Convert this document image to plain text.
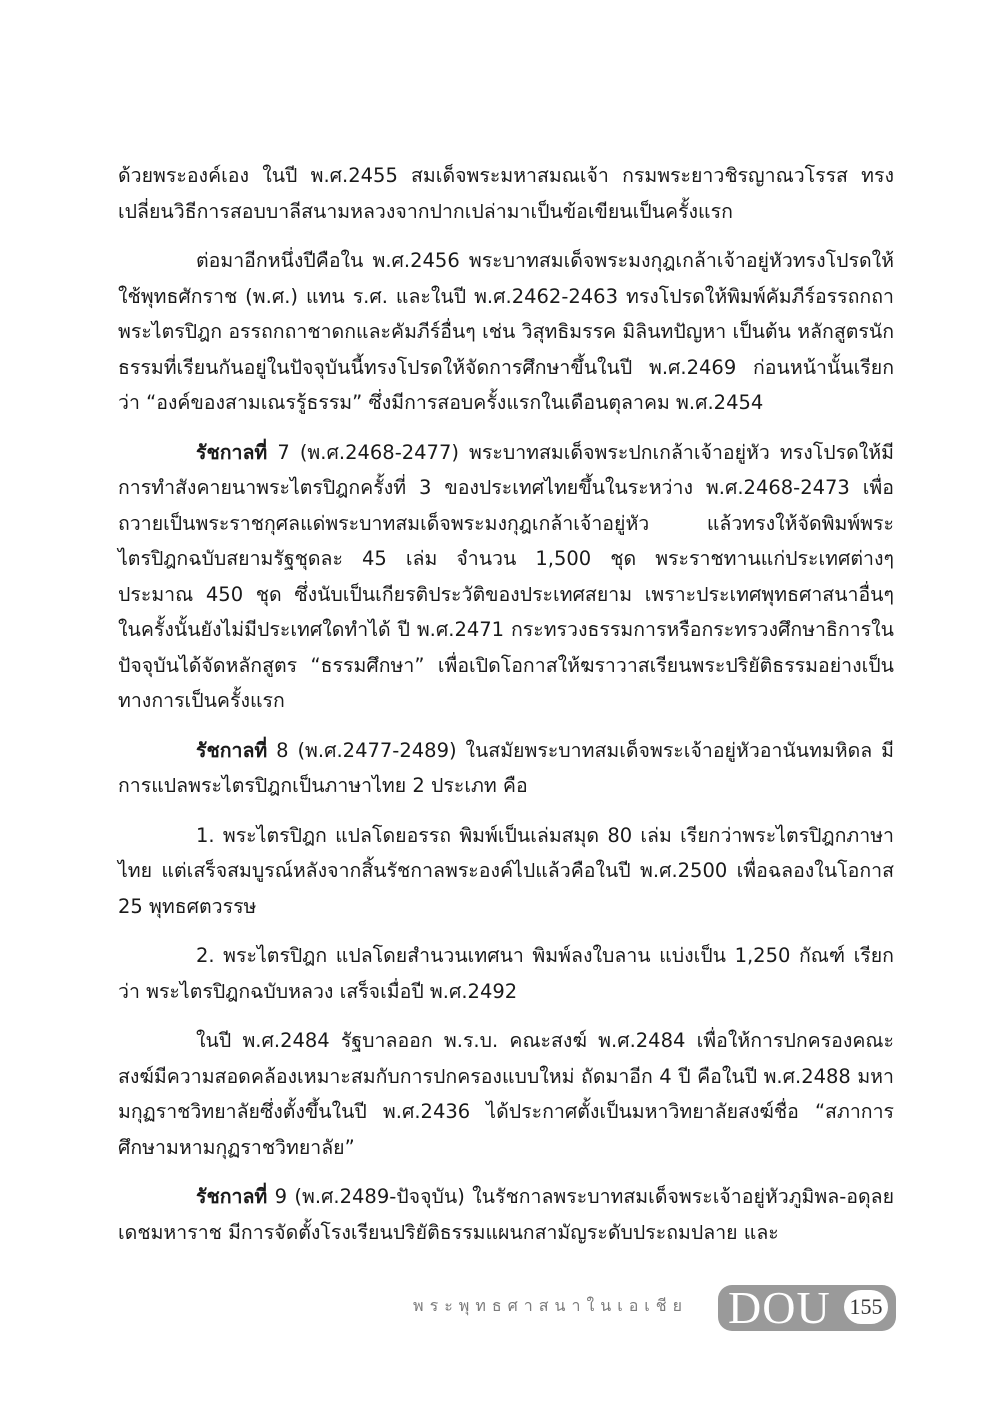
ด้วยพระองค์เอง ในปี พ.ศ.2455 สมเด็จพระมหาสมณเจ้า กรมพระยาวชิรญาณวโรรส ทรงเปลี่ยนวิธีการสอบบาลีสนามหลวงจากปากเปล่ามาเป็นข้อเขียนเป็นครั้งแรก

ต่อมาอีกหนึ่งปีคือใน พ.ศ.2456 พระบาทสมเด็จพระมงกุฎเกล้าเจ้าอยู่หัวทรงโปรดให้ใช้พุทธศักราช (พ.ศ.) แทน ร.ศ. และในปี พ.ศ.2462-2463 ทรงโปรดให้พิมพ์คัมภีร์อรรถกถาพระไตรปิฎก อรรถกถาชาดกและคัมภีร์อื่นๆ เช่น วิสุทธิมรรค มิลินทปัญหา เป็นต้น หลักสูตรนักธรรมที่เรียนกันอยู่ในปัจจุบันนี้ทรงโปรดให้จัดการศึกษาขึ้นในปี พ.ศ.2469 ก่อนหน้านั้นเรียกว่า “องค์ของสามเณรรู้ธรรม” ซึ่งมีการสอบครั้งแรกในเดือนตุลาคม พ.ศ.2454

รัชกาลที่ 7 (พ.ศ.2468-2477) พระบาทสมเด็จพระปกเกล้าเจ้าอยู่หัว ทรงโปรดให้มีการทำสังคายนาพระไตรปิฎกครั้งที่ 3 ของประเทศไทยขึ้นในระหว่าง พ.ศ.2468-2473 เพื่อถวายเป็นพระราชกุศลแด่พระบาทสมเด็จพระมงกุฎเกล้าเจ้าอยู่หัว แล้วทรงให้จัดพิมพ์พระไตรปิฎกฉบับสยามรัฐชุดละ 45 เล่ม จำนวน 1,500 ชุด พระราชทานแก่ประเทศต่างๆ ประมาณ 450 ชุด ซึ่งนับเป็นเกียรติประวัติของประเทศสยาม เพราะประเทศพุทธศาสนาอื่นๆ ในครั้งนั้นยังไม่มีประเทศใดทำได้ ปี พ.ศ.2471 กระทรวงธรรมการหรือกระทรวงศึกษาธิการในปัจจุบันได้จัดหลักสูตร “ธรรมศึกษา” เพื่อเปิดโอกาสให้ฆราวาสเรียนพระปริยัติธรรมอย่างเป็นทางการเป็นครั้งแรก

รัชกาลที่ 8 (พ.ศ.2477-2489) ในสมัยพระบาทสมเด็จพระเจ้าอยู่หัวอานันทมหิดล มีการแปลพระไตรปิฎกเป็นภาษาไทย 2 ประเภท คือ

1. พระไตรปิฎก แปลโดยอรรถ พิมพ์เป็นเล่มสมุด 80 เล่ม เรียกว่าพระไตรปิฎกภาษาไทย แต่เสร็จสมบูรณ์หลังจากสิ้นรัชกาลพระองค์ไปแล้วคือในปี พ.ศ.2500 เพื่อฉลองในโอกาส 25 พุทธศตวรรษ

2. พระไตรปิฎก แปลโดยสำนวนเทศนา พิมพ์ลงใบลาน แบ่งเป็น 1,250 กัณฑ์ เรียกว่า พระไตรปิฎกฉบับหลวง เสร็จเมื่อปี พ.ศ.2492

ในปี พ.ศ.2484 รัฐบาลออก พ.ร.บ. คณะสงฆ์ พ.ศ.2484 เพื่อให้การปกครองคณะสงฆ์มีความสอดคล้องเหมาะสมกับการปกครองแบบใหม่ ถัดมาอีก 4 ปี คือในปี พ.ศ.2488 มหามกุฏราชวิทยาลัยซึ่งตั้งขึ้นในปี พ.ศ.2436 ได้ประกาศตั้งเป็นมหาวิทยาลัยสงฆ์ชื่อ “สภาการศึกษามหามกุฏราชวิทยาลัย”

รัชกาลที่ 9 (พ.ศ.2489-ปัจจุบัน) ในรัชกาลพระบาทสมเด็จพระเจ้าอยู่หัวภูมิพล-อดุลยเดชมหาราช มีการจัดตั้งโรงเรียนปริยัติธรรมแผนกสามัญระดับประถมปลาย และ

พระพุทธศาสนาในเอเชีย DOU 155
